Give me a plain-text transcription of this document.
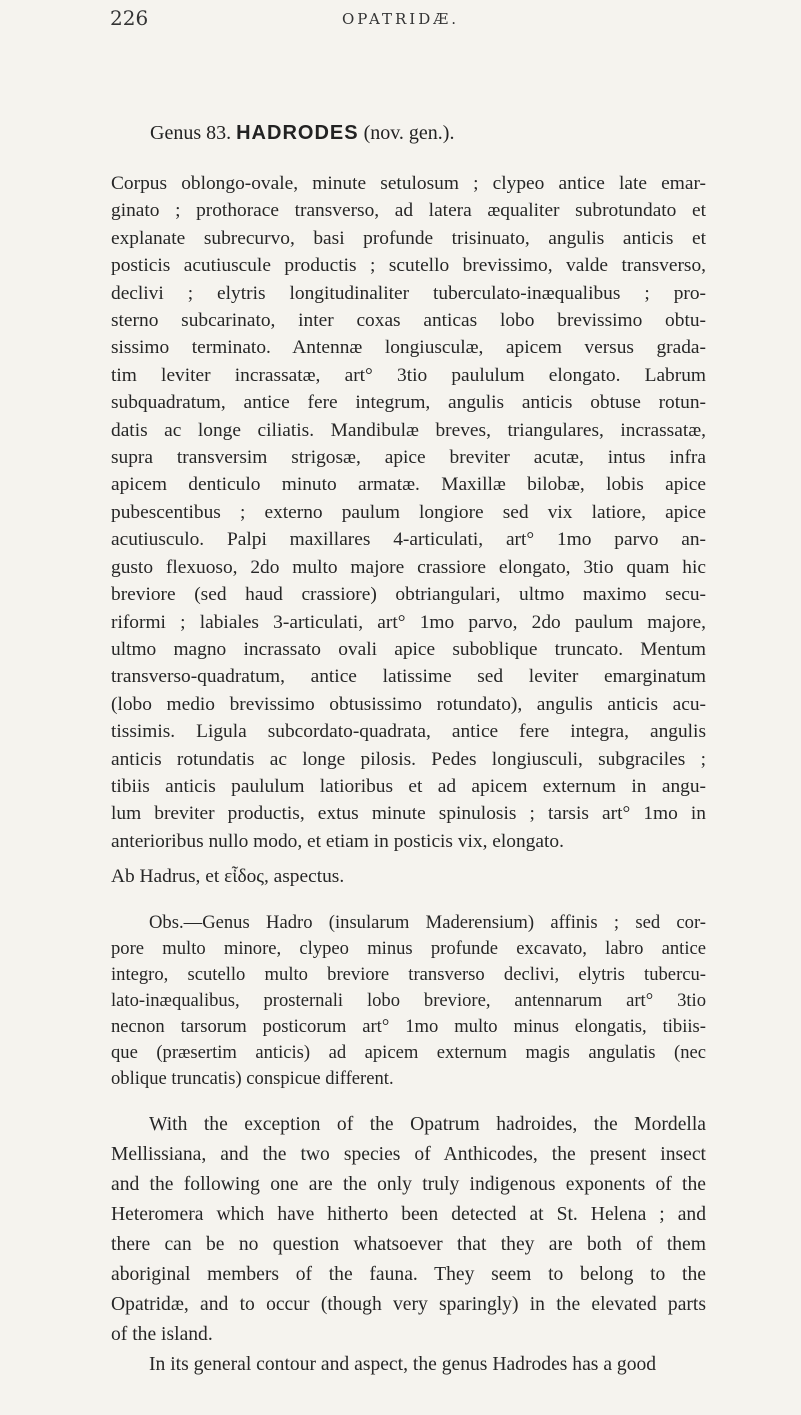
226	OPATRIDÆ.
Genus 83. HADRODES (nov. gen.).
Corpus oblongo-ovale, minute setulosum ; clypeo antice late emar-
ginato ; prothorace transverso, ad latera æqualiter subrotundato et
explanate subrecurvo, basi profunde trisinuato, angulis anticis et
posticis acutiuscule productis ; scutello brevissimo, valde transverso,
declivi ; elytris longitudinaliter tuberculato-inæqualibus ; pro-
sterno subcarinato, inter coxas anticas lobo brevissimo obtu-
sissimo terminato. Antennæ longiusculæ, apicem versus grada-
tim leviter incrassatæ, art° 3tio paululum elongato. Labrum
subquadratum, antice fere integrum, angulis anticis obtuse rotun-
datis ac longe ciliatis. Mandibulæ breves, triangulares, incrassatæ,
supra transversim strigosæ, apice breviter acutæ, intus infra
apicem denticulo minuto armatæ. Maxillæ bilobæ, lobis apice
pubescentibus ; externo paulum longiore sed vix latiore, apice
acutiusculo. Palpi maxillares 4-articulati, art° 1mo parvo an-
gusto flexuoso, 2do multo majore crassiore elongato, 3tio quam hic
breviore (sed haud crassiore) obtriangulari, ultmo maximo secu-
riformi ; labiales 3-articulati, art° 1mo parvo, 2do paulum majore,
ultmo magno incrassato ovali apice suboblique truncato. Mentum
transverso-quadratum, antice latissime sed leviter emarginatum
(lobo medio brevissimo obtusissimo rotundato), angulis anticis acu-
tissimis. Ligula subcordato-quadrata, antice fere integra, angulis
anticis rotundatis ac longe pilosis. Pedes longiusculi, subgraciles ;
tibiis anticis paululum latioribus et ad apicem externum in angu-
lum breviter productis, extus minute spinulosis ; tarsis art° 1mo in
anterioribus nullo modo, et etiam in posticis vix, elongato.
Ab Hadrus, et εἶδος, aspectus.
Obs.—Genus Hadro (insularum Maderensium) affinis ; sed cor-
pore multo minore, clypeo minus profunde excavato, labro antice
integro, scutello multo breviore transverso declivi, elytris tubercu-
lato-inæqualibus, prosternali lobo breviore, antennarum art° 3tio
necnon tarsorum posticorum art° 1mo multo minus elongatis, tibiis-
que (præsertim anticis) ad apicem externum magis angulatis (nec
oblique truncatis) conspicue different.
With the exception of the Opatrum hadroides, the Mordella
Mellissiana, and the two species of Anthicodes, the present insect
and the following one are the only truly indigenous exponents of the
Heteromera which have hitherto been detected at St. Helena ; and
there can be no question whatsoever that they are both of them
aboriginal members of the fauna. They seem to belong to the
Opatridæ, and to occur (though very sparingly) in the elevated parts
of the island.
In its general contour and aspect, the genus Hadrodes has a good
